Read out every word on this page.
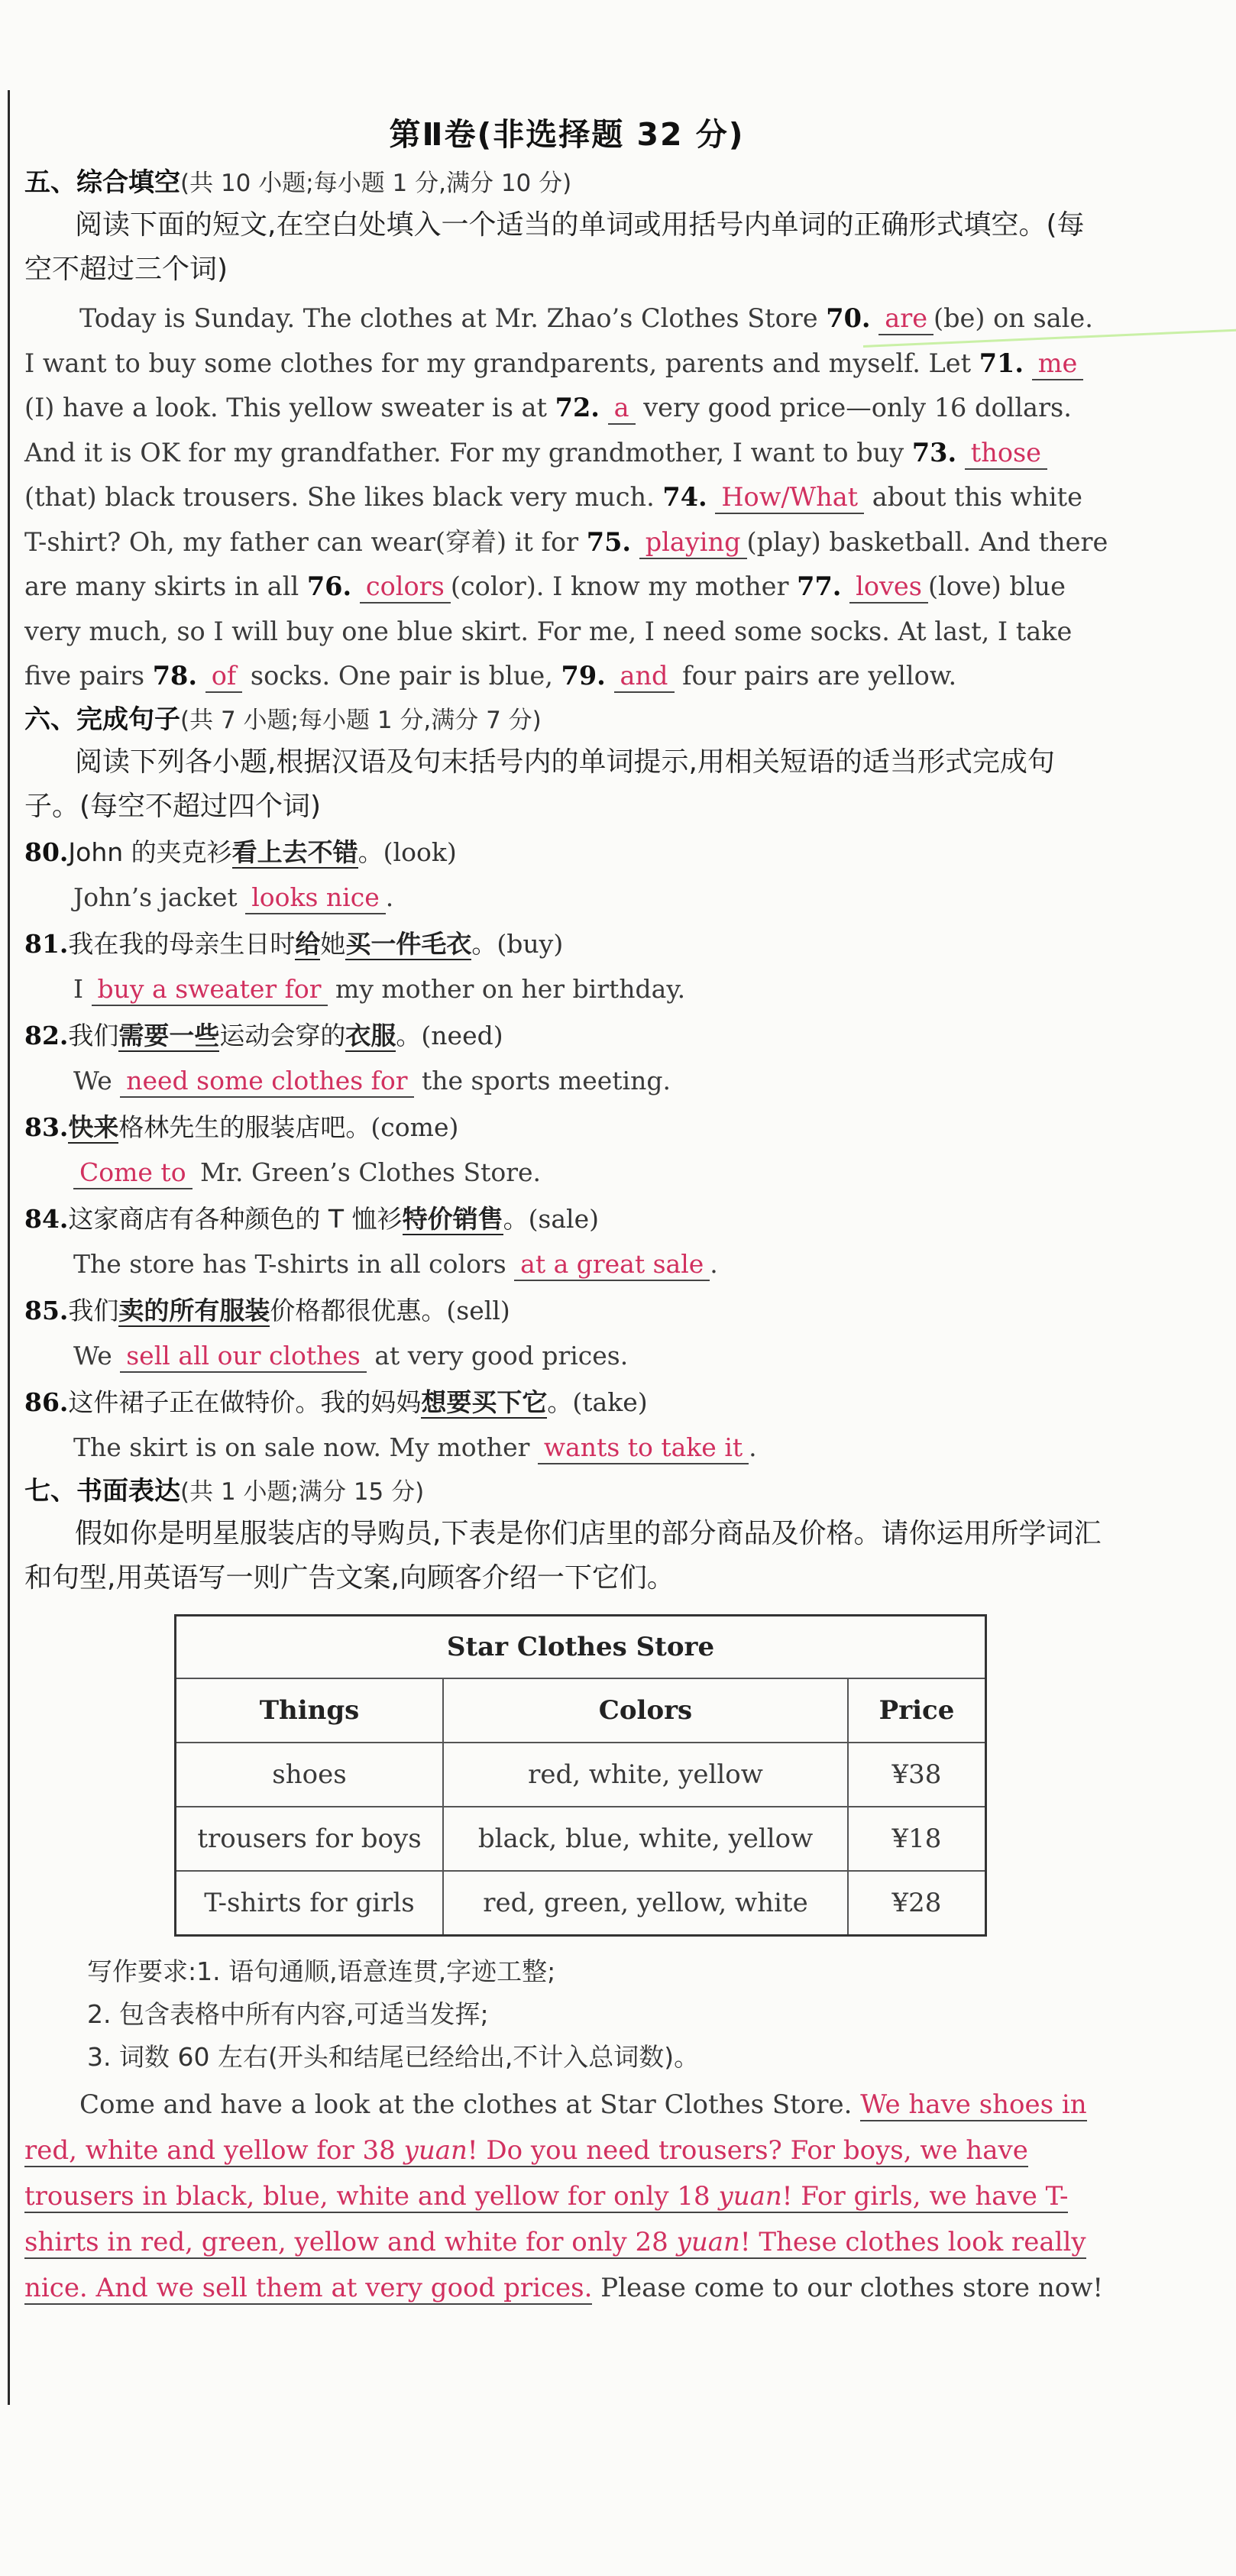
第Ⅱ卷(非选择题 32 分)
五、综合填空(共 10 小题;每小题 1 分,满分 10 分)
阅读下面的短文,在空白处填入一个适当的单词或用括号内单词的正确形式填空。(每空不超过三个词)
Today is Sunday. The clothes at Mr. Zhao’s Clothes Store 70. are (be) on sale. I want to buy some clothes for my grandparents, parents and myself. Let 71. me(I) have a look. This yellow sweater is at 72. a very good price—only 16 dollars. And it is OK for my grandfather. For my grandmother, I want to buy 73. those(that) black trousers. She likes black very much. 74. How/What about this white T-shirt? Oh, my father can wear(穿着) it for 75. playing (play) basketball. And there are many skirts in all 76. colors (color). I know my mother 77. loves (love) blue very much, so I will buy one blue skirt. For me, I need some socks. At last, I take five pairs 78. of socks. One pair is blue, 79. and four pairs are yellow.
六、完成句子(共 7 小题;每小题 1 分,满分 7 分)
阅读下列各小题,根据汉语及句末括号内的单词提示,用相关短语的适当形式完成句子。(每空不超过四个词)
80.John 的夹克衫看上去不错。(look)
John’s jacket looks nice .
81.我在我的母亲生日时给她买一件毛衣。(buy)
I buy a sweater for my mother on her birthday.
82.我们需要一些运动会穿的衣服。(need)
We need some clothes for the sports meeting.
83.快来格林先生的服装店吧。(come)
Come to Mr. Green’s Clothes Store.
84.这家商店有各种颜色的 T 恤衫特价销售。(sale)
The store has T-shirts in all colors at a great sale .
85.我们卖的所有服装价格都很优惠。(sell)
We sell all our clothes at very good prices.
86.这件裙子正在做特价。我的妈妈想要买下它。(take)
The skirt is on sale now. My mother wants to take it .
七、书面表达(共 1 小题;满分 15 分)
假如你是明星服装店的导购员,下表是你们店里的部分商品及价格。请你运用所学词汇和句型,用英语写一则广告文案,向顾客介绍一下它们。
Star Clothes Store		
Things	Colors	Price
shoes	red, white, yellow	¥38
trousers for boys	black, blue, white, yellow	¥18
T-shirts for girls	red, green, yellow, white	¥28
写作要求:1. 语句通顺,语意连贯,字迹工整;
2. 包含表格中所有内容,可适当发挥;
3. 词数 60 左右(开头和结尾已经给出,不计入总词数)。
Come and have a look at the clothes at Star Clothes Store. We have shoes in red, white and yellow for 38 yuan! Do you need trousers? For boys, we have trousers in black, blue, white and yellow for only 18 yuan! For girls, we have T-shirts in red, green, yellow and white for only 28 yuan! These clothes look really nice. And we sell them at very good prices. Please come to our clothes store now!
